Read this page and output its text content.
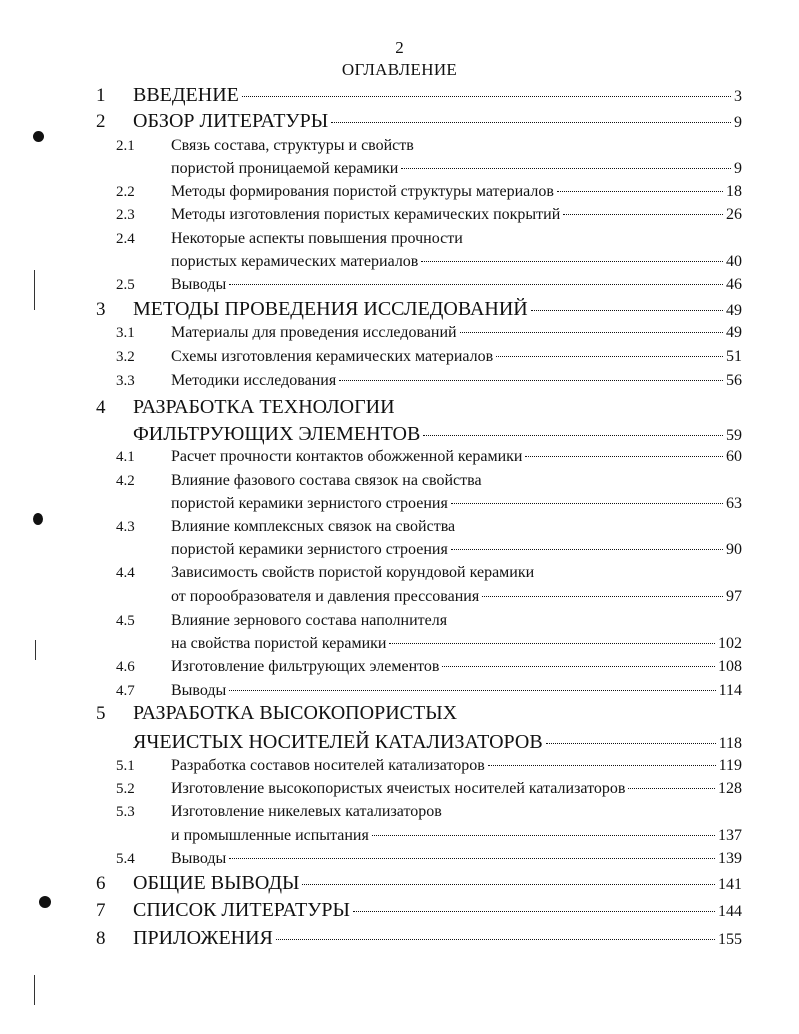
2
ОГЛАВЛЕНИЕ
1 ВВЕДЕНИЕ	3
2 ОБЗОР ЛИТЕРАТУРЫ	9
2.1 Связь состава, структуры и свойств
пористой проницаемой керамики	9
2.2 Методы формирования пористой структуры материалов	18
2.3 Методы изготовления пористых керамических покрытий	26
2.4 Некоторые аспекты повышения прочности
пористых керамических материалов	40
2.5 Выводы	46
3 МЕТОДЫ ПРОВЕДЕНИЯ ИССЛЕДОВАНИЙ	49
3.1 Материалы для проведения исследований	49
3.2 Схемы изготовления керамических материалов	51
3.3 Методики исследования	56
4 РАЗРАБОТКА ТЕХНОЛОГИИ
ФИЛЬТРУЮЩИХ ЭЛЕМЕНТОВ	59
4.1 Расчет прочности контактов обожженной керамики	60
4.2 Влияние фазового состава связок на свойства
пористой керамики зернистого строения	63
4.3 Влияние комплексных связок на свойства
пористой керамики зернистого строения	90
4.4 Зависимость свойств пористой корундовой керамики
от порообразователя и давления прессования	97
4.5 Влияние зернового состава наполнителя
на свойства пористой керамики	102
4.6 Изготовление фильтрующих элементов	108
4.7 Выводы	114
5 РАЗРАБОТКА ВЫСОКОПОРИСТЫХ
ЯЧЕИСТЫХ НОСИТЕЛЕЙ КАТАЛИЗАТОРОВ	118
5.1 Разработка составов носителей катализаторов	119
5.2 Изготовление высокопористых ячеистых носителей катализаторов	128
5.3 Изготовление никелевых катализаторов
и промышленные испытания	137
5.4 Выводы	139
6 ОБЩИЕ ВЫВОДЫ	141
7 СПИСОК ЛИТЕРАТУРЫ	144
8 ПРИЛОЖЕНИЯ	155
